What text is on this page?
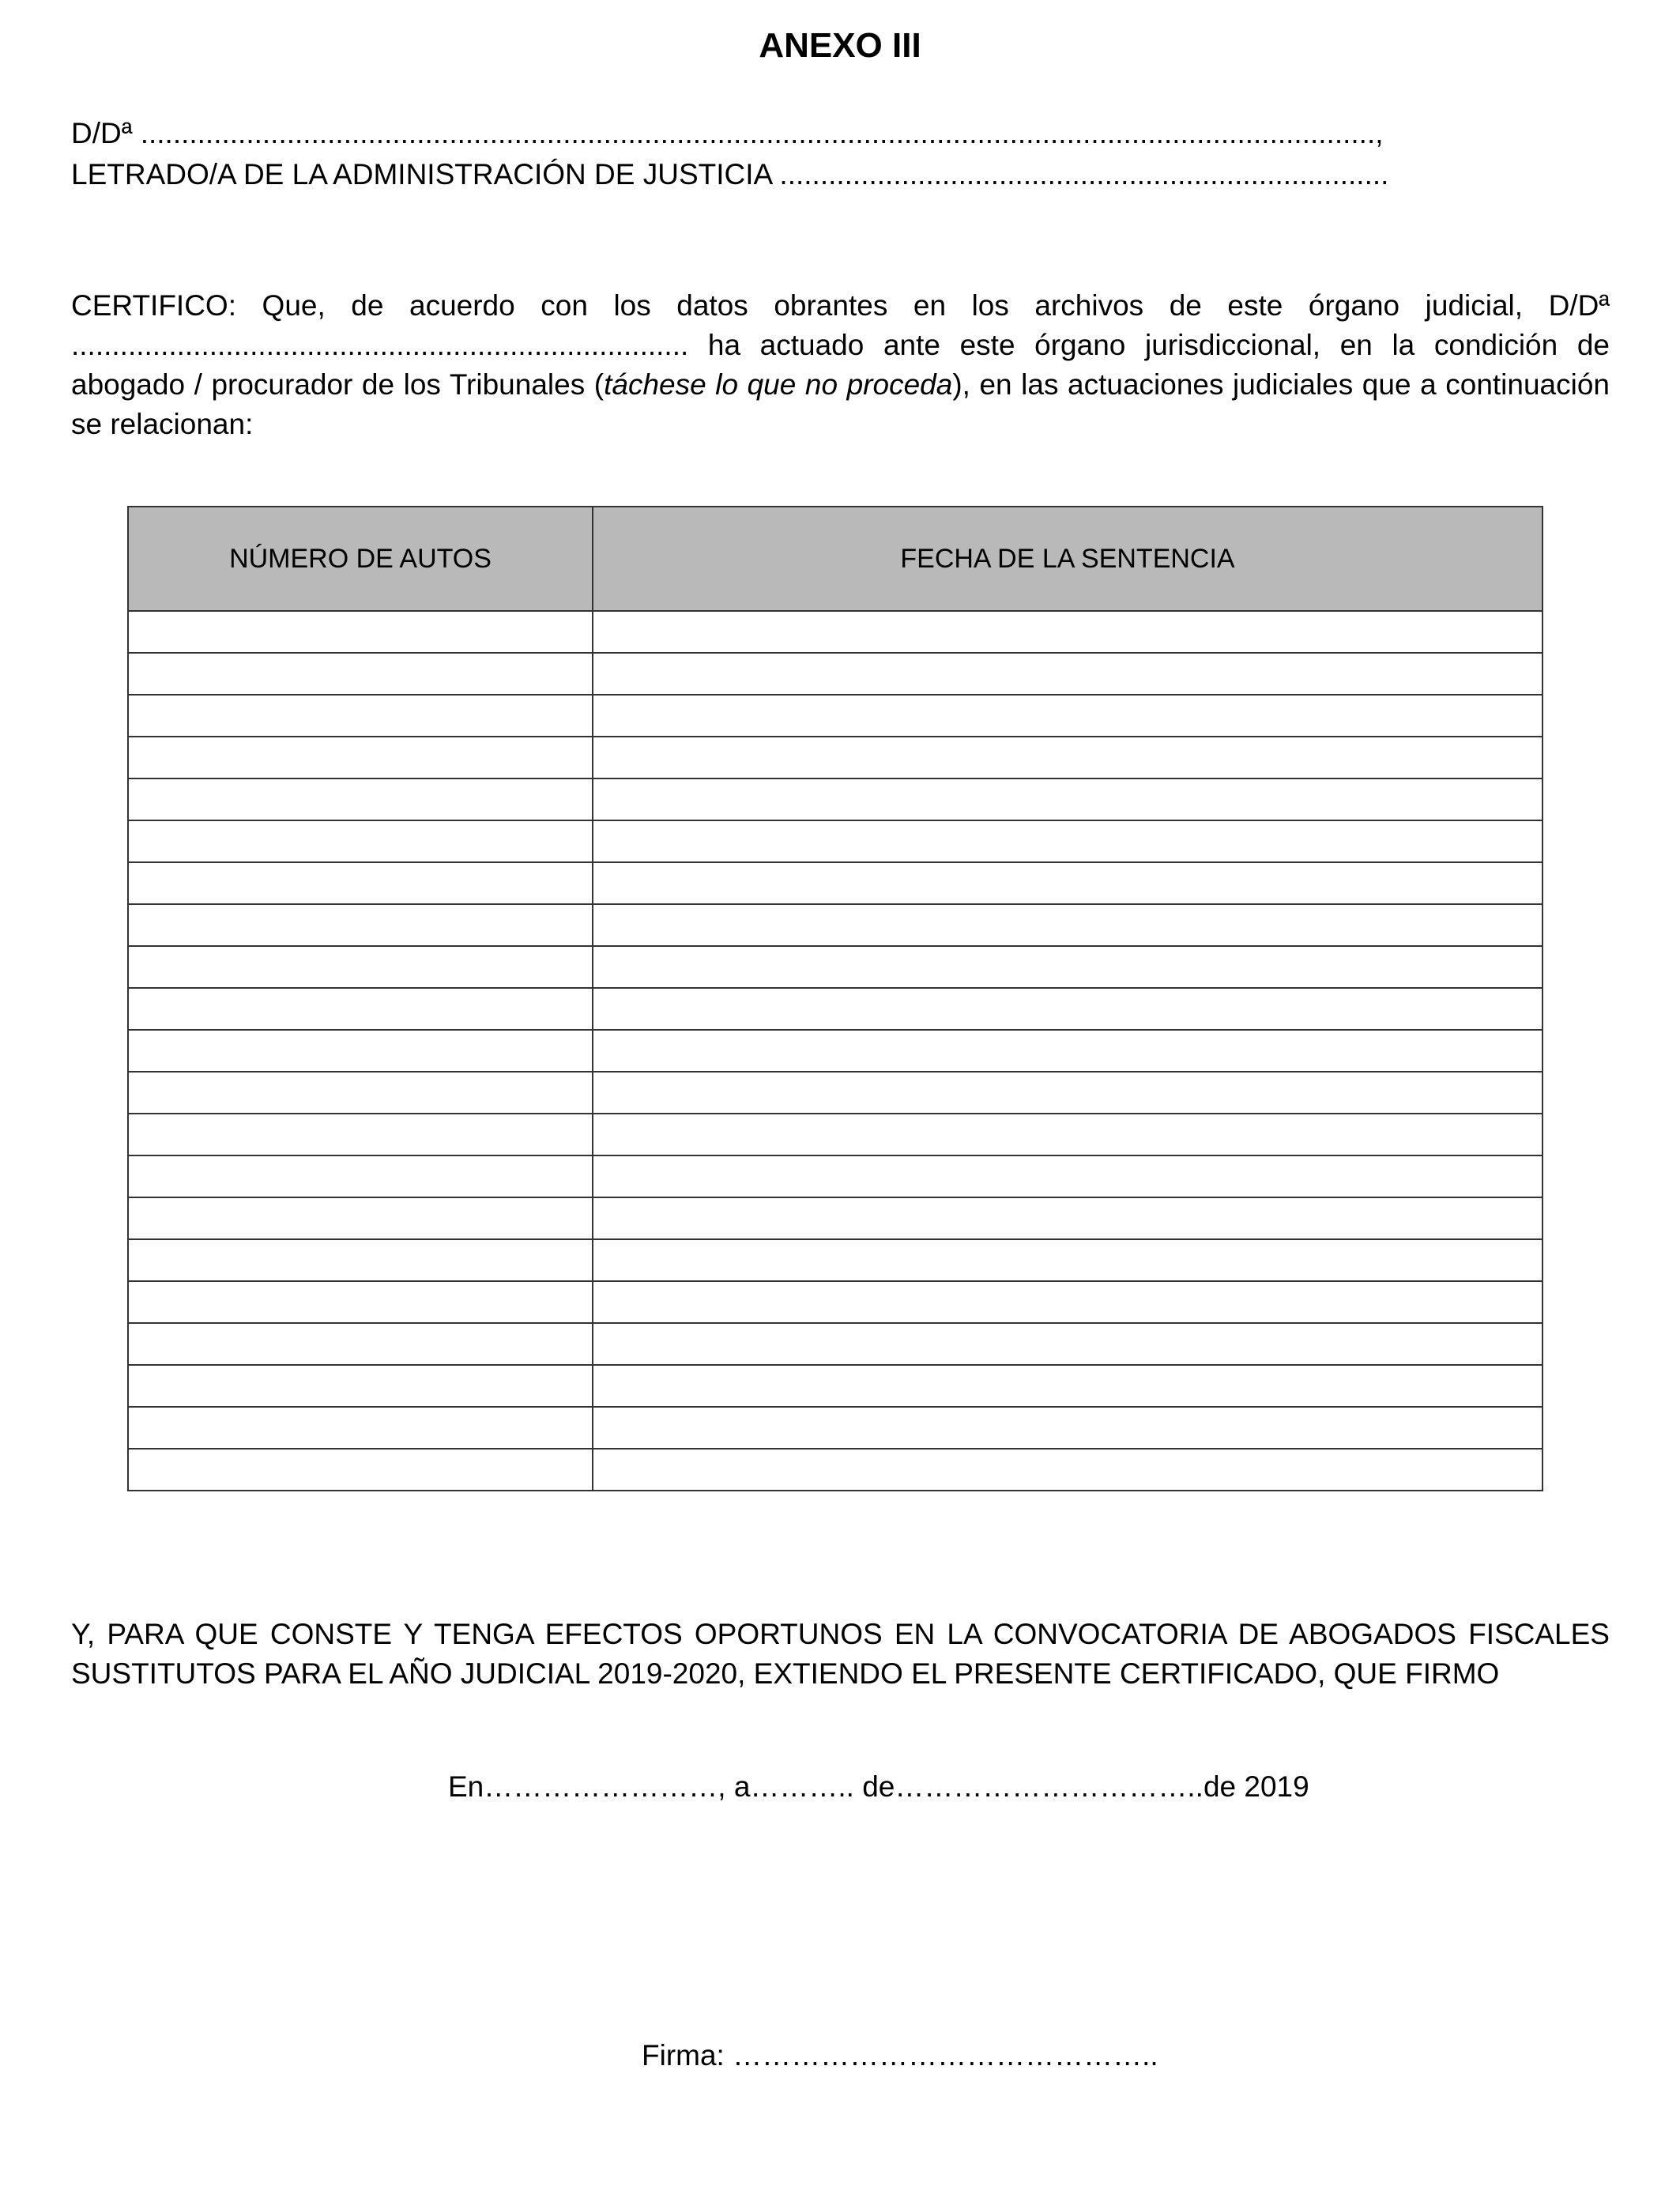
ANEXO III
D/Dª ........................................................................................................................................................,
LETRADO/A DE LA ADMINISTRACIÓN DE JUSTICIA ...........................................................................
CERTIFICO: Que, de acuerdo con los datos obrantes en los archivos de este órgano judicial, D/Dª ............................................................................ ha actuado ante este órgano jurisdiccional, en la condición de abogado / procurador de los Tribunales (táchese lo que no proceda), en las actuaciones judiciales que a continuación se relacionan:
NÚMERO DE AUTOS	FECHA DE LA SENTENCIA

Y, PARA QUE CONSTE Y TENGA EFECTOS OPORTUNOS EN LA CONVOCATORIA DE ABOGADOS FISCALES SUSTITUTOS PARA EL AÑO JUDICIAL 2019-2020, EXTIENDO EL PRESENTE CERTIFICADO, QUE FIRMO
En……………………, a……….. de…………………………..de 2019
Firma: ……………………………………..
